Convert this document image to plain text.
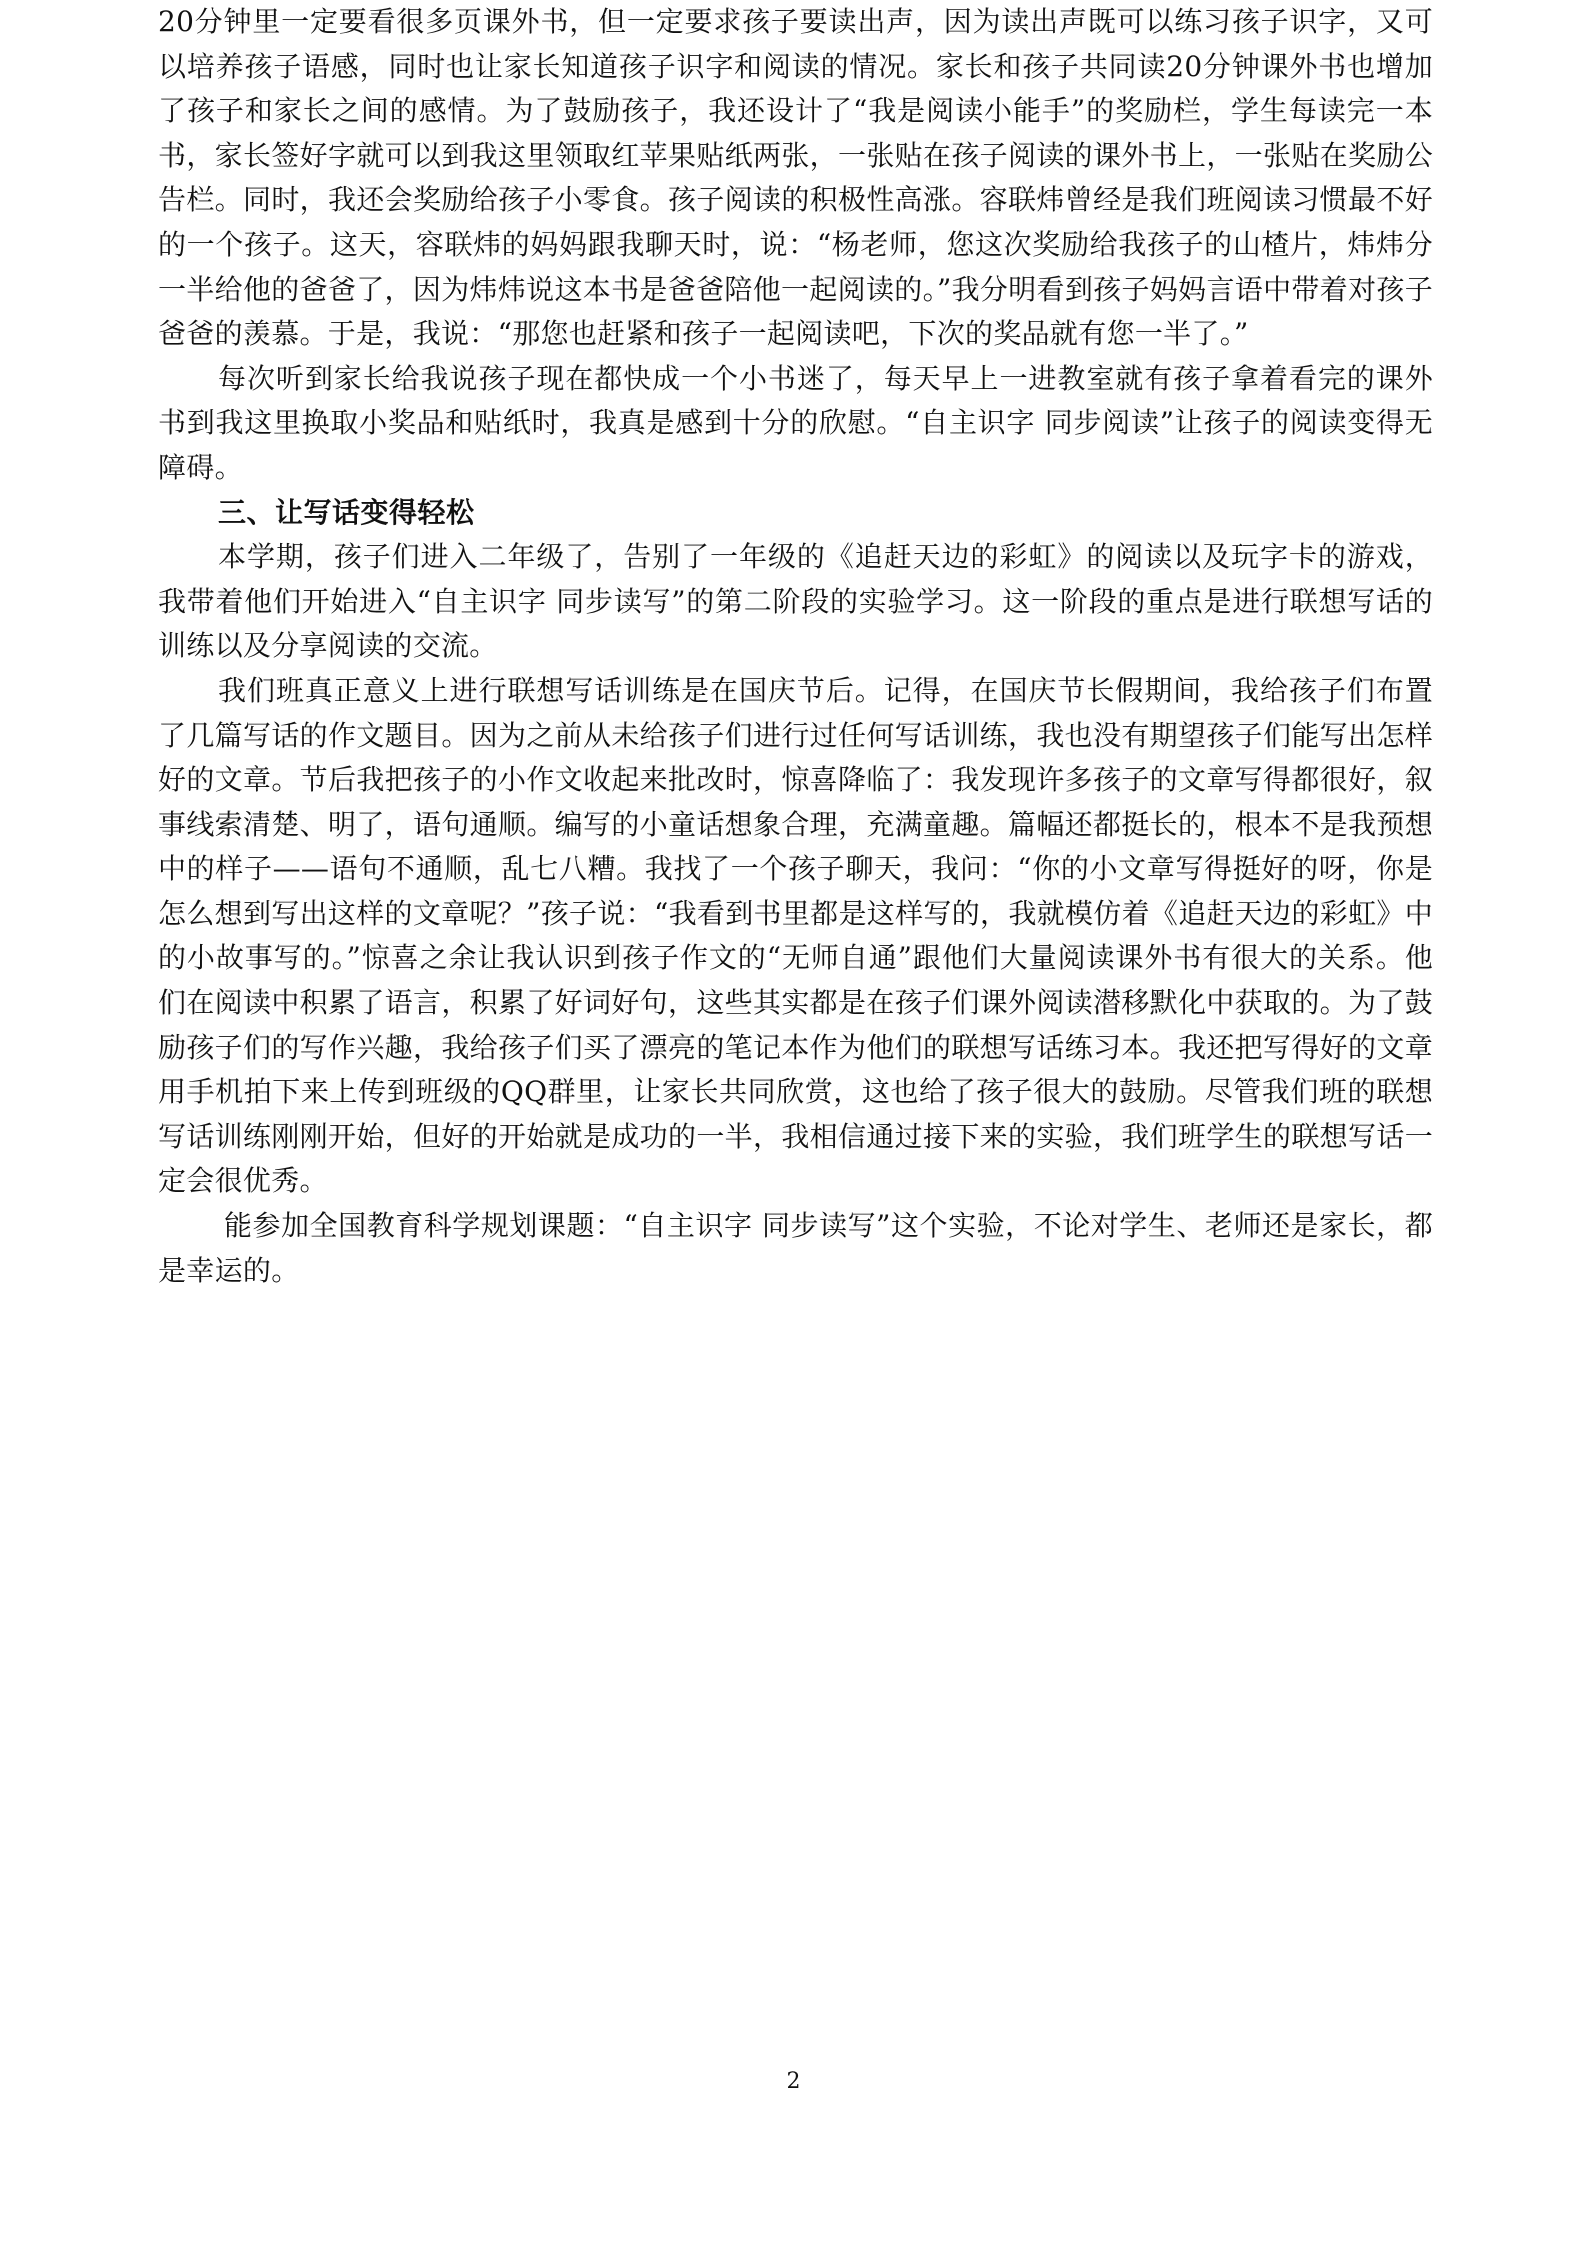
20分钟里一定要看很多页课外书，但一定要求孩子要读出声，因为读出声既可以练习孩子识字，又可以培养孩子语感，同时也让家长知道孩子识字和阅读的情况。家长和孩子共同读20分钟课外书也增加了孩子和家长之间的感情。为了鼓励孩子，我还设计了“我是阅读小能手”的奖励栏，学生每读完一本书，家长签好字就可以到我这里领取红苹果贴纸两张，一张贴在孩子阅读的课外书上，一张贴在奖励公告栏。同时，我还会奖励给孩子小零食。孩子阅读的积极性高涨。容联炜曾经是我们班阅读习惯最不好的一个孩子。这天，容联炜的妈妈跟我聊天时，说：“杨老师，您这次奖励给我孩子的山楂片，炜炜分一半给他的爸爸了，因为炜炜说这本书是爸爸陪他一起阅读的。”我分明看到孩子妈妈言语中带着对孩子爸爸的羡慕。于是，我说：“那您也赶紧和孩子一起阅读吧，下次的奖品就有您一半了。”

每次听到家长给我说孩子现在都快成一个小书迷了，每天早上一进教室就有孩子拿着看完的课外书到我这里换取小奖品和贴纸时，我真是感到十分的欣慰。“自主识字 同步阅读”让孩子的阅读变得无障碍。

三、让写话变得轻松

本学期，孩子们进入二年级了，告别了一年级的《追赶天边的彩虹》的阅读以及玩字卡的游戏，我带着他们开始进入“自主识字 同步读写”的第二阶段的实验学习。这一阶段的重点是进行联想写话的训练以及分享阅读的交流。

我们班真正意义上进行联想写话训练是在国庆节后。记得，在国庆节长假期间，我给孩子们布置了几篇写话的作文题目。因为之前从未给孩子们进行过任何写话训练，我也没有期望孩子们能写出怎样好的文章。节后我把孩子的小作文收起来批改时，惊喜降临了：我发现许多孩子的文章写得都很好，叙事线索清楚、明了，语句通顺。编写的小童话想象合理，充满童趣。篇幅还都挺长的，根本不是我预想中的样子——语句不通顺，乱七八糟。我找了一个孩子聊天，我问：“你的小文章写得挺好的呀，你是怎么想到写出这样的文章呢？”孩子说：“我看到书里都是这样写的，我就模仿着《追赶天边的彩虹》中的小故事写的。”惊喜之余让我认识到孩子作文的“无师自通”跟他们大量阅读课外书有很大的关系。他们在阅读中积累了语言，积累了好词好句，这些其实都是在孩子们课外阅读潜移默化中获取的。为了鼓励孩子们的写作兴趣，我给孩子们买了漂亮的笔记本作为他们的联想写话练习本。我还把写得好的文章用手机拍下来上传到班级的QQ群里，让家长共同欣赏，这也给了孩子很大的鼓励。尽管我们班的联想写话训练刚刚开始，但好的开始就是成功的一半，我相信通过接下来的实验，我们班学生的联想写话一定会很优秀。

能参加全国教育科学规划课题：“自主识字 同步读写”这个实验，不论对学生、老师还是家长，都是幸运的。

2
